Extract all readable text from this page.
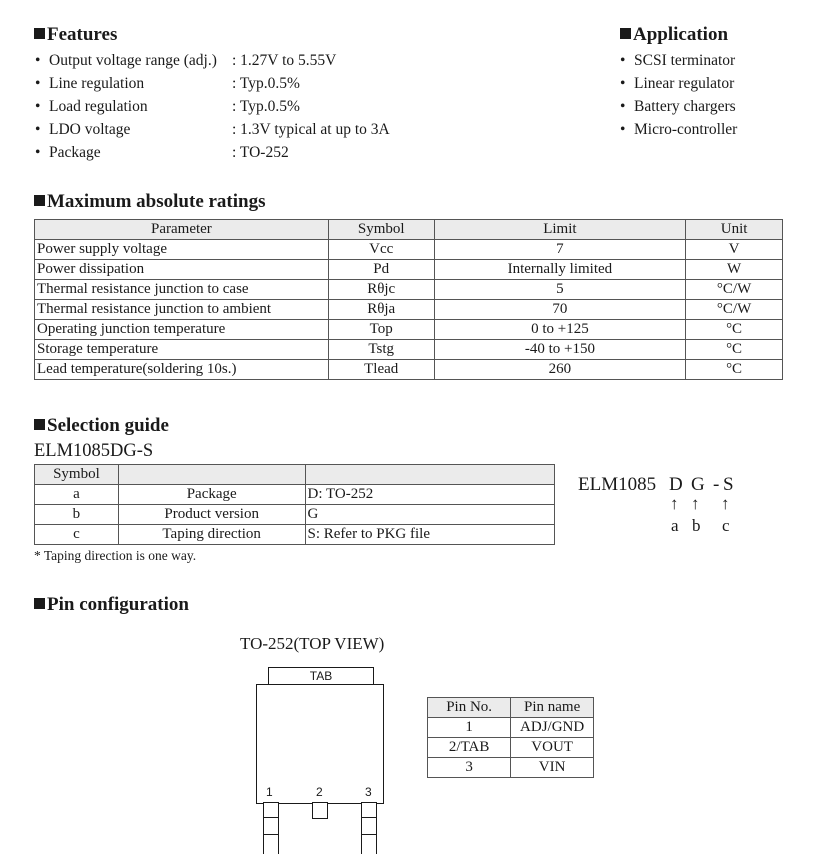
Features
• Output voltage range (adj.) : 1.27V to 5.55V
• Line regulation	: Typ.0.5%
• Load regulation	: Typ.0.5%
• LDO voltage	: 1.3V typical at up to 3A
• Package	: TO-252
Application
• SCSI terminator
• Linear regulator
• Battery chargers
• Micro-controller
Maximum absolute ratings
Parameter	Symbol	Limit	Unit
Power supply voltage	Vcc	7	V
Power dissipation	Pd	Internally limited	W
Thermal resistance junction to case	Rθjc	5	°C/W
Thermal resistance junction to ambient	Rθja	70	°C/W
Operating junction temperature	Top	0 to +125	°C
Storage temperature	Tstg	-40 to +150	°C
Lead temperature(soldering 10s.)	Tlead	260	°C
Selection guide
ELM1085DG-S
Symbol		
a	Package	D: TO-252
b	Product version	G
c	Taping direction	S: Refer to PKG file
* Taping direction is one way.
ELM1085 D G - S
↑ ↑ ↑
a b c
Pin configuration
TO-252(TOP VIEW)
TAB
1	2	3
Pin No.	Pin name
1	ADJ/GND
2/TAB	VOUT
3	VIN
